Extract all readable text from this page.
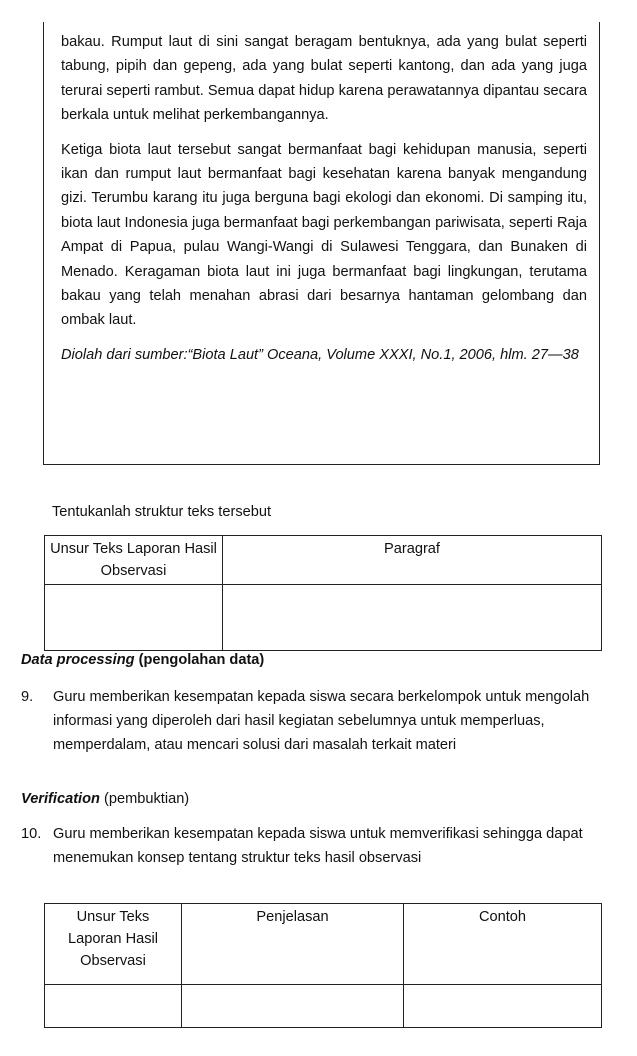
bakau. Rumput laut di sini sangat beragam bentuknya, ada yang bulat seperti tabung, pipih dan gepeng, ada yang bulat seperti kantong, dan ada yang juga terurai seperti rambut. Semua dapat hidup karena perawatannya dipantau secara berkala untuk melihat perkembangannya.

Ketiga biota laut tersebut sangat bermanfaat bagi kehidupan manusia, seperti ikan dan rumput laut bermanfaat bagi kesehatan karena banyak mengandung gizi. Terumbu karang itu juga berguna bagi ekologi dan ekonomi. Di samping itu, biota laut Indonesia juga bermanfaat bagi perkembangan pariwisata, seperti Raja Ampat di Papua, pulau Wangi-Wangi di Sulawesi Tenggara, dan Bunaken di Menado. Keragaman biota laut ini juga bermanfaat bagi lingkungan, terutama bakau yang telah menahan abrasi dari besarnya hantaman gelombang dan ombak laut.

Diolah dari sumber:“Biota Laut” Oceana, Volume XXXI, No.1, 2006, hlm. 27—38

Tentukanlah struktur teks tersebut

Unsur Teks Laporan Hasil Observasi	Paragraf

Data processing (pengolahan data)

9. Guru memberikan kesempatan kepada siswa secara berkelompok untuk mengolah informasi yang diperoleh dari hasil kegiatan sebelumnya untuk memperluas, memperdalam, atau mencari solusi dari masalah terkait materi

Verification (pembuktian)

10. Guru memberikan kesempatan kepada siswa untuk memverifikasi sehingga dapat menemukan konsep tentang struktur teks hasil observasi
Unsur Teks Laporan Hasil Observasi	Penjelasan	Contoh
